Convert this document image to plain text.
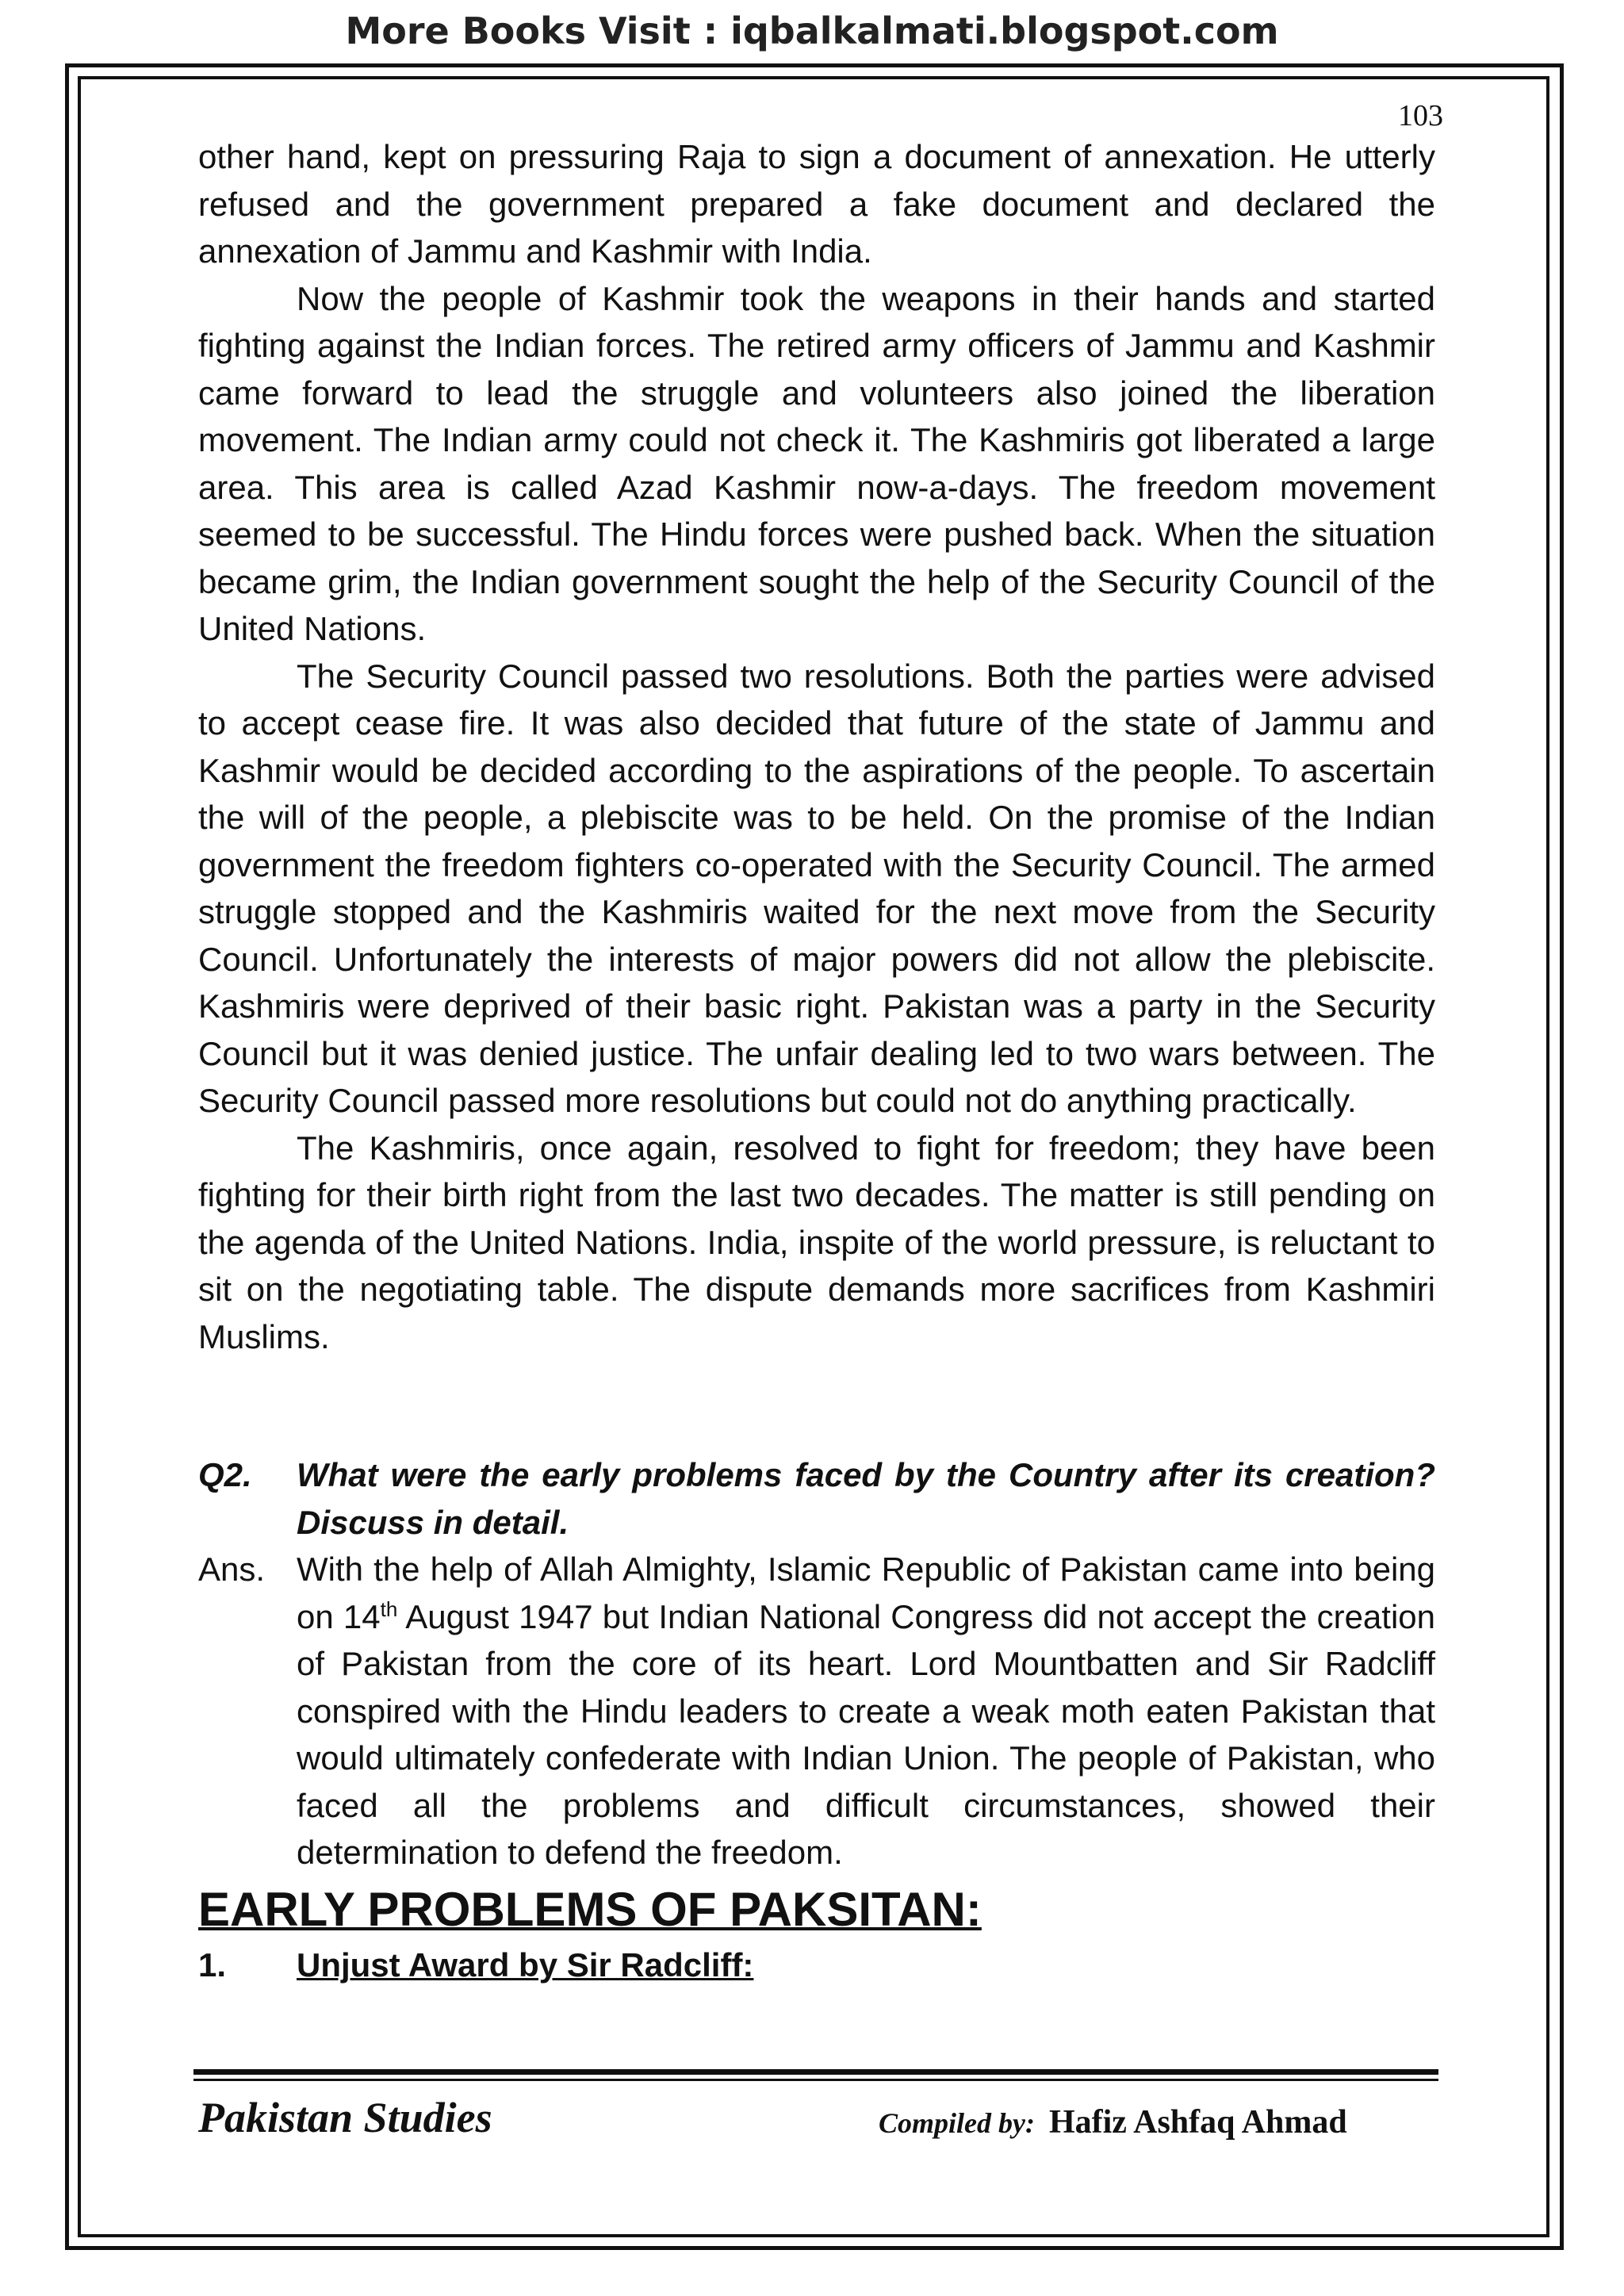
More Books Visit : iqbalkalmati.blogspot.com
103

other hand, kept on pressuring Raja to sign a document of annexation. He utterly refused and the government prepared a fake document and declared the annexation of Jammu and Kashmir with India.

Now the people of Kashmir took the weapons in their hands and started fighting against the Indian forces. The retired army officers of Jammu and Kashmir came forward to lead the struggle and volunteers also joined the liberation movement. The Indian army could not check it. The Kashmiris got liberated a large area. This area is called Azad Kashmir now-a-days. The freedom movement seemed to be successful. The Hindu forces were pushed back. When the situation became grim, the Indian government sought the help of the Security Council of the United Nations.

The Security Council passed two resolutions. Both the parties were advised to accept cease fire. It was also decided that future of the state of Jammu and Kashmir would be decided according to the aspirations of the people. To ascertain the will of the people, a plebiscite was to be held. On the promise of the Indian government the freedom fighters co-operated with the Security Council. The armed struggle stopped and the Kashmiris waited for the next move from the Security Council. Unfortunately the interests of major powers did not allow the plebiscite. Kashmiris were deprived of their basic right. Pakistan was a party in the Security Council but it was denied justice. The unfair dealing led to two wars between. The Security Council passed more resolutions but could not do anything practically.

The Kashmiris, once again, resolved to fight for freedom; they have been fighting for their birth right from the last two decades. The matter is still pending on the agenda of the United Nations. India, inspite of the world pressure, is reluctant to sit on the negotiating table. The dispute demands more sacrifices from Kashmiri Muslims.

Q2.	What were the early problems faced by the Country after its creation? Discuss in detail.
Ans. With the help of Allah Almighty, Islamic Republic of Pakistan came into being on 14th August 1947 but Indian National Congress did not accept the creation of Pakistan from the core of its heart. Lord Mountbatten and Sir Radcliff conspired with the Hindu leaders to create a weak moth eaten Pakistan that would ultimately confederate with Indian Union. The people of Pakistan, who faced all the problems and difficult circumstances, showed their determination to defend the freedom.
EARLY PROBLEMS OF PAKSITAN:
1.	Unjust Award by Sir Radcliff:
Pakistan Studies	Compiled by: Hafiz Ashfaq Ahmad
